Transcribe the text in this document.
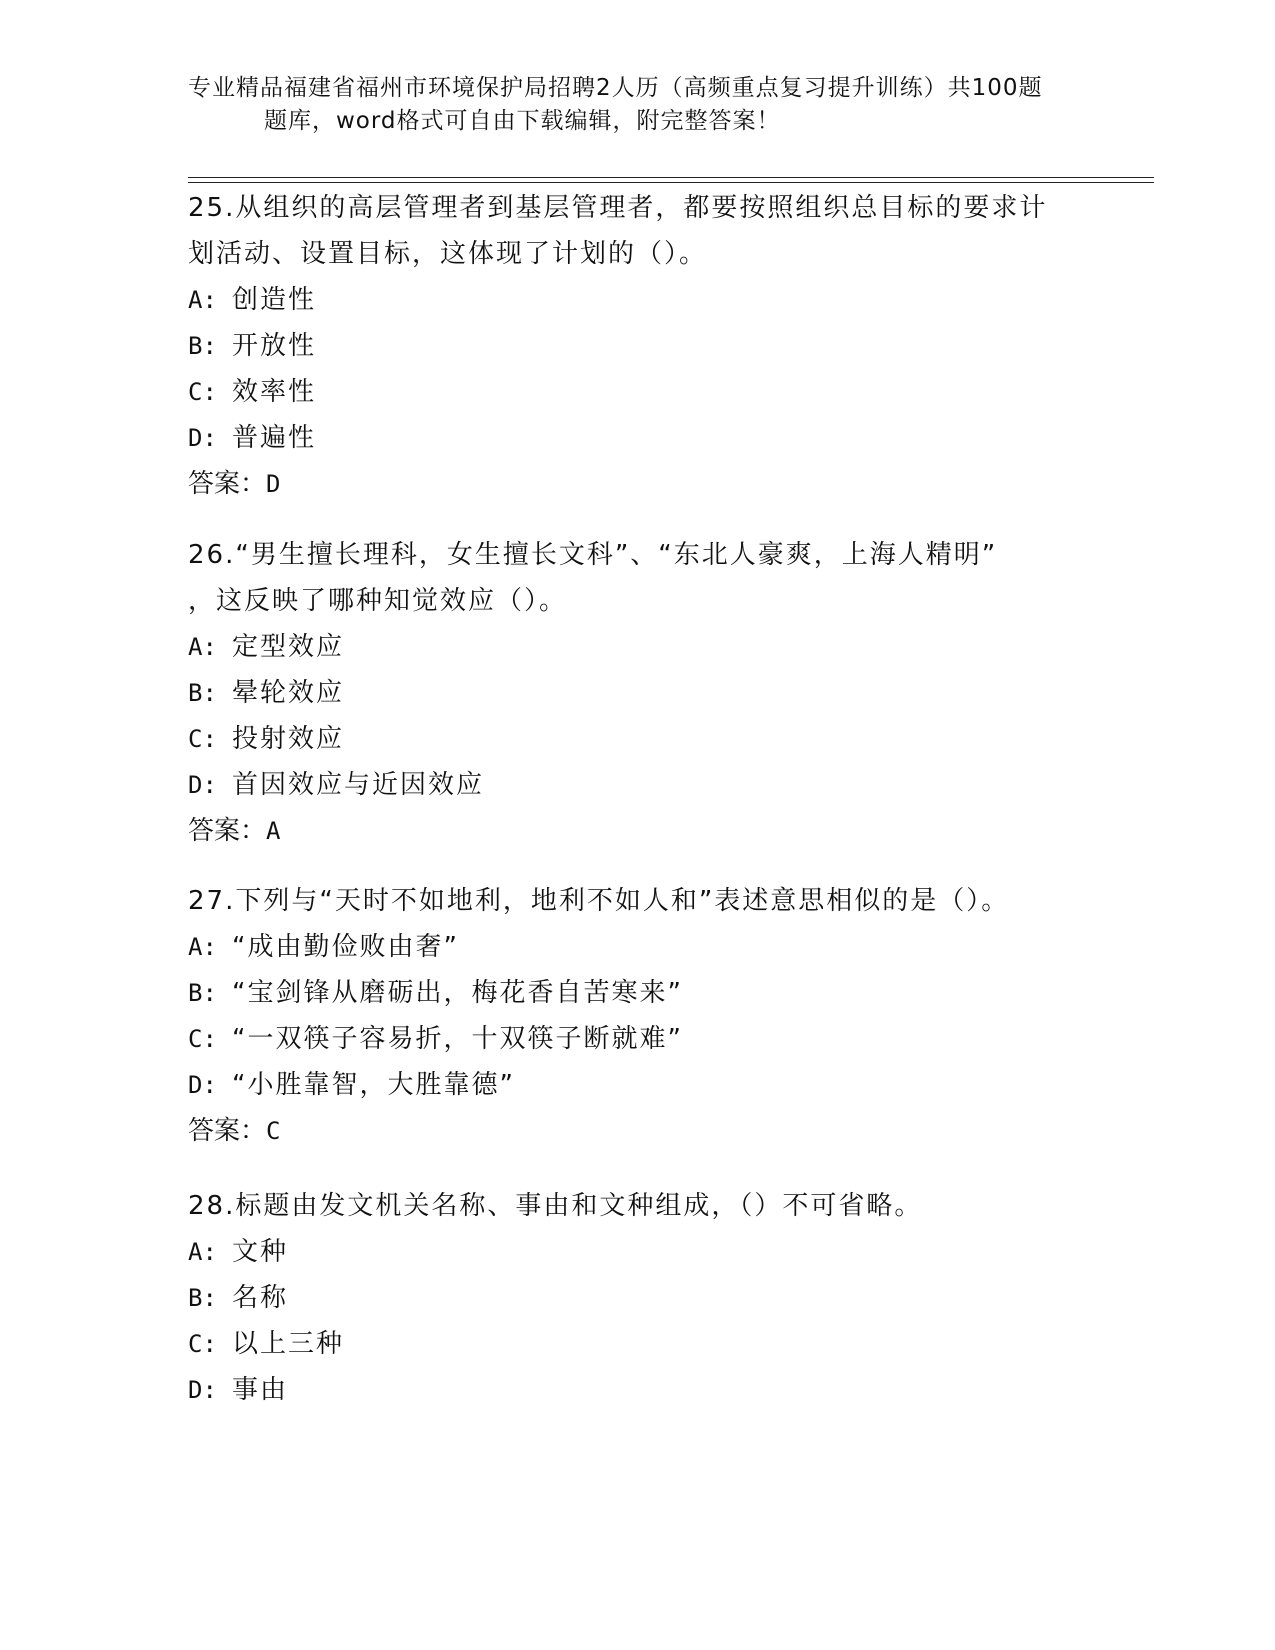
专业精品福建省福州市环境保护局招聘2人历（高频重点复习提升训练）共100题
题库，word格式可自由下载编辑，附完整答案！

25.从组织的高层管理者到基层管理者，都要按照组织总目标的要求计
划活动、设置目标，这体现了计划的（）。

A: 创造性

B: 开放性

C: 效率性

D: 普遍性

答案：D

26.“男生擅长理科，女生擅长文科”、“东北人豪爽，上海人精明”
，这反映了哪种知觉效应（）。

A: 定型效应

B: 晕轮效应

C: 投射效应

D: 首因效应与近因效应

答案：A

27.下列与“天时不如地利，地利不如人和”表述意思相似的是（）。

A: “成由勤俭败由奢”

B: “宝剑锋从磨砺出，梅花香自苦寒来”

C: “一双筷子容易折，十双筷子断就难”

D: “小胜靠智，大胜靠德”

答案：C

28.标题由发文机关名称、事由和文种组成，（）不可省略。

A: 文种

B: 名称

C: 以上三种

D: 事由
